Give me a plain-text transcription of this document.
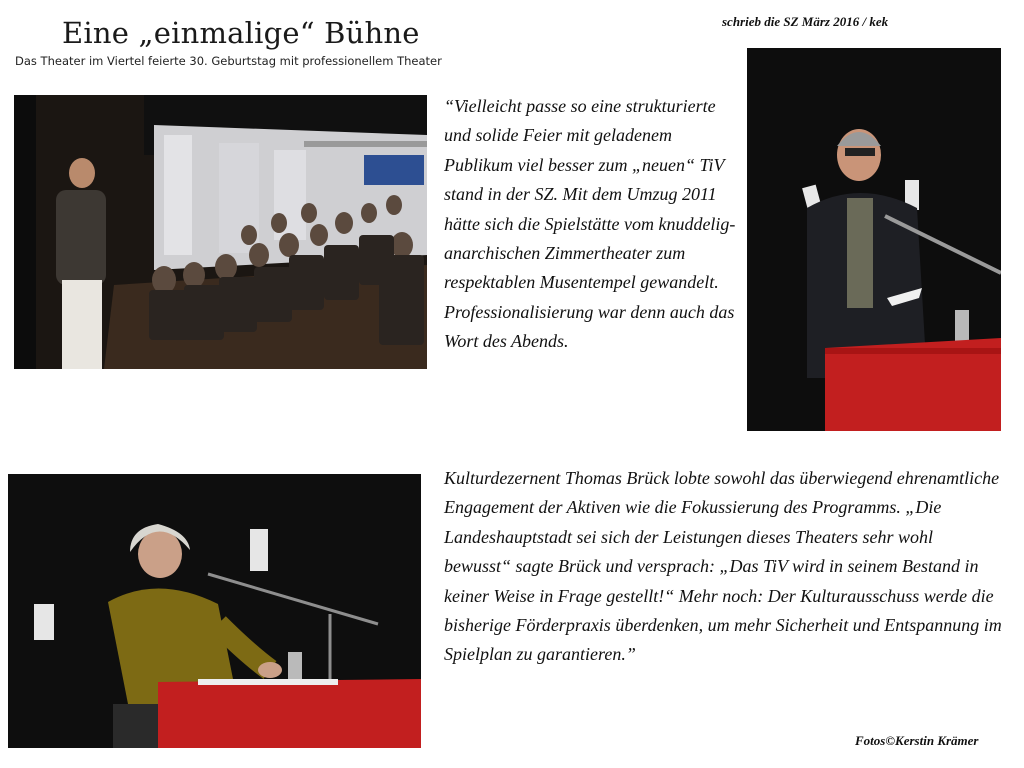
Eine „einmalige“ Bühne
Das Theater im Viertel feierte 30. Geburtstag mit professionellem Theater
schrieb die SZ März 2016 / kek
“Vielleicht passe so eine strukturierte und solide Feier mit geladenem Publikum viel besser zum „neuen“ TiV stand in der SZ. Mit dem Umzug 2011 hätte sich die Spielstätte vom knuddelig-anarchischen Zimmertheater zum respektablen Musentempel gewandelt. Professionalisierung war denn auch das Wort des Abends.
Kulturdezernent Thomas Brück lobte sowohl das überwiegend ehrenamtliche Engagement der Aktiven wie die Fokussierung des Programms. „Die Landeshauptstadt sei sich der Leistungen dieses Theaters sehr wohl bewusst“ sagte Brück und versprach: „Das TiV wird in seinem Bestand in keiner Weise in Frage gestellt!“ Mehr noch: Der Kulturausschuss werde die bisherige Förderpraxis überdenken, um mehr Sicherheit und Entspannung im Spielplan zu garantieren.”
Fotos©Kerstin Krämer
